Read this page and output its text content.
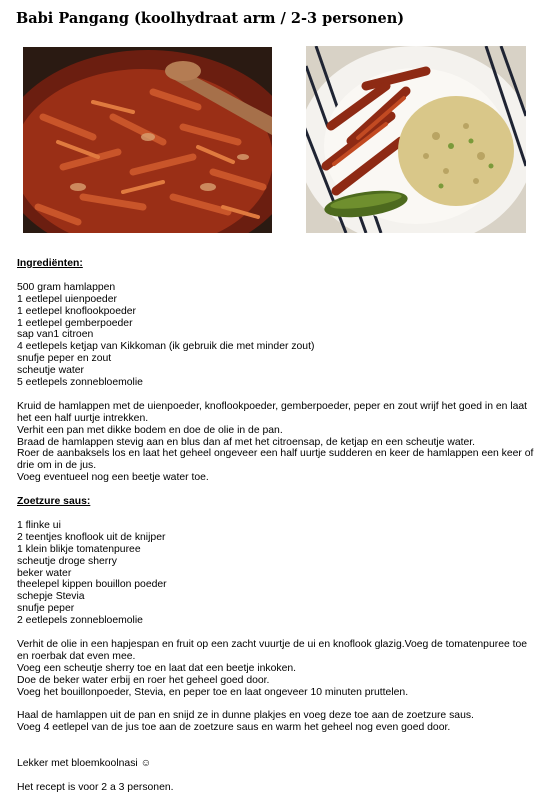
Babi Pangang (koolhydraat arm / 2-3 personen)
Ingrediënten:
500 gram hamlappen
1 eetlepel uienpoeder
1 eetlepel knoflookpoeder
1 eetlepel gemberpoeder
sap van1 citroen
4 eetlepels ketjap van Kikkoman (ik gebruik die met minder zout)
snufje peper en zout
scheutje water
5 eetlepels zonnebloemolie

Kruid de hamlappen met de uienpoeder, knoflookpoeder, gemberpoeder, peper en zout wrijf het goed in en laat het een half uurtje intrekken.

Verhit een pan met dikke bodem en doe de olie in de pan.

Braad de hamlappen stevig aan en blus dan af met het citroensap, de ketjap en een scheutje water.

Roer de aanbaksels los en laat het geheel ongeveer een half uurtje sudderen en keer de hamlappen een keer of drie om in de jus.

Voeg eventueel nog een beetje water toe.

Zoetzure saus:
1 flinke ui
2 teentjes knoflook uit de knijper
1 klein blikje tomatenpuree
scheutje droge sherry
beker water
theelepel kippen bouillon poeder
schepje Stevia
snufje peper
2 eetlepels zonnebloemolie

Verhit de olie in een hapjespan en fruit op een zacht vuurtje de ui en knoflook glazig.Voeg de tomatenpuree toe en roerbak dat even mee.

Voeg een scheutje sherry toe en laat dat een beetje inkoken.

Doe de beker water erbij en roer het geheel goed door.

Voeg het bouillonpoeder, Stevia, en peper toe en laat ongeveer 10 minuten pruttelen.

Haal de hamlappen uit de pan en snijd ze in dunne plakjes en voeg deze toe aan de zoetzure saus.

Voeg 4 eetlepel van de jus toe aan de zoetzure saus en warm het geheel nog even goed door.

Lekker met bloemkoolnasi ☺

Het recept is voor 2 a 3 personen.
